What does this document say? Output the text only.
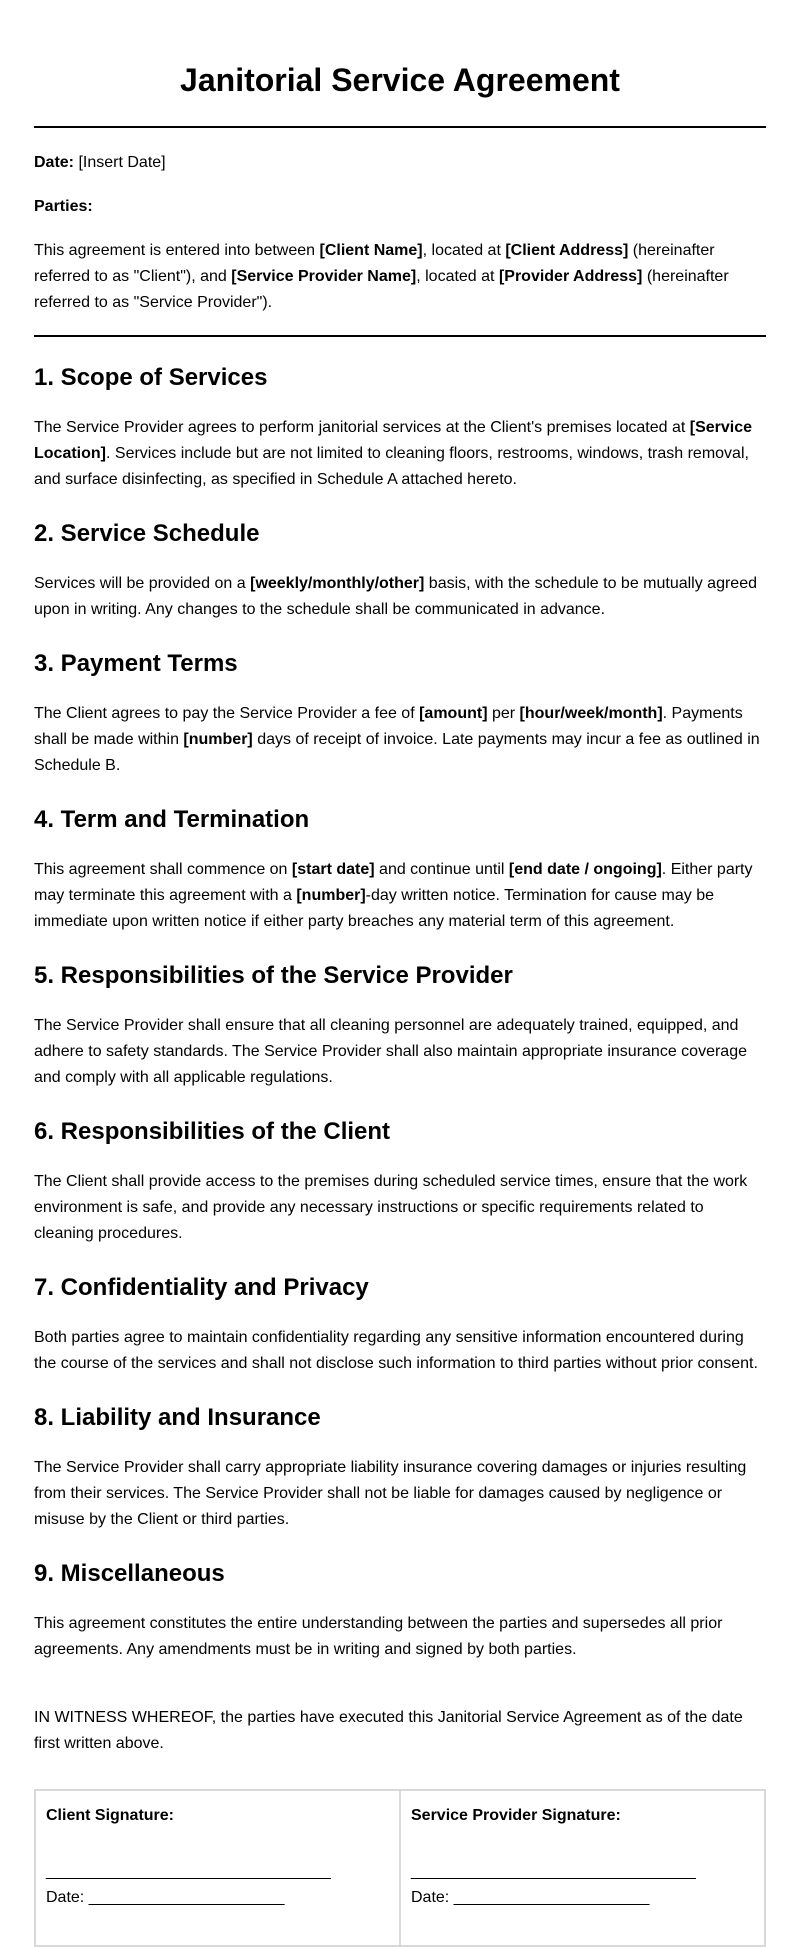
Janitorial Service Agreement

Date: [Insert Date]

Parties:

This agreement is entered into between [Client Name], located at [Client Address] (hereinafter referred to as "Client"), and [Service Provider Name], located at [Provider Address] (hereinafter referred to as "Service Provider").

1. Scope of Services

The Service Provider agrees to perform janitorial services at the Client's premises located at [Service Location]. Services include but are not limited to cleaning floors, restrooms, windows, trash removal, and surface disinfecting, as specified in Schedule A attached hereto.

2. Service Schedule

Services will be provided on a [weekly/monthly/other] basis, with the schedule to be mutually agreed upon in writing. Any changes to the schedule shall be communicated in advance.

3. Payment Terms

The Client agrees to pay the Service Provider a fee of [amount] per [hour/week/month]. Payments shall be made within [number] days of receipt of invoice. Late payments may incur a fee as outlined in Schedule B.

4. Term and Termination

This agreement shall commence on [start date] and continue until [end date / ongoing]. Either party may terminate this agreement with a [number]-day written notice. Termination for cause may be immediate upon written notice if either party breaches any material term of this agreement.

5. Responsibilities of the Service Provider

The Service Provider shall ensure that all cleaning personnel are adequately trained, equipped, and adhere to safety standards. The Service Provider shall also maintain appropriate insurance coverage and comply with all applicable regulations.

6. Responsibilities of the Client

The Client shall provide access to the premises during scheduled service times, ensure that the work environment is safe, and provide any necessary instructions or specific requirements related to cleaning procedures.

7. Confidentiality and Privacy

Both parties agree to maintain confidentiality regarding any sensitive information encountered during the course of the services and shall not disclose such information to third parties without prior consent.

8. Liability and Insurance

The Service Provider shall carry appropriate liability insurance covering damages or injuries resulting from their services. The Service Provider shall not be liable for damages caused by negligence or misuse by the Client or third parties.

9. Miscellaneous

This agreement constitutes the entire understanding between the parties and supersedes all prior agreements. Any amendments must be in writing and signed by both parties.

IN WITNESS WHEREOF, the parties have executed this Janitorial Service Agreement as of the date first written above.

Client Signature:
________________________________
Date: ______________________
Service Provider Signature:
________________________________
Date: ______________________
